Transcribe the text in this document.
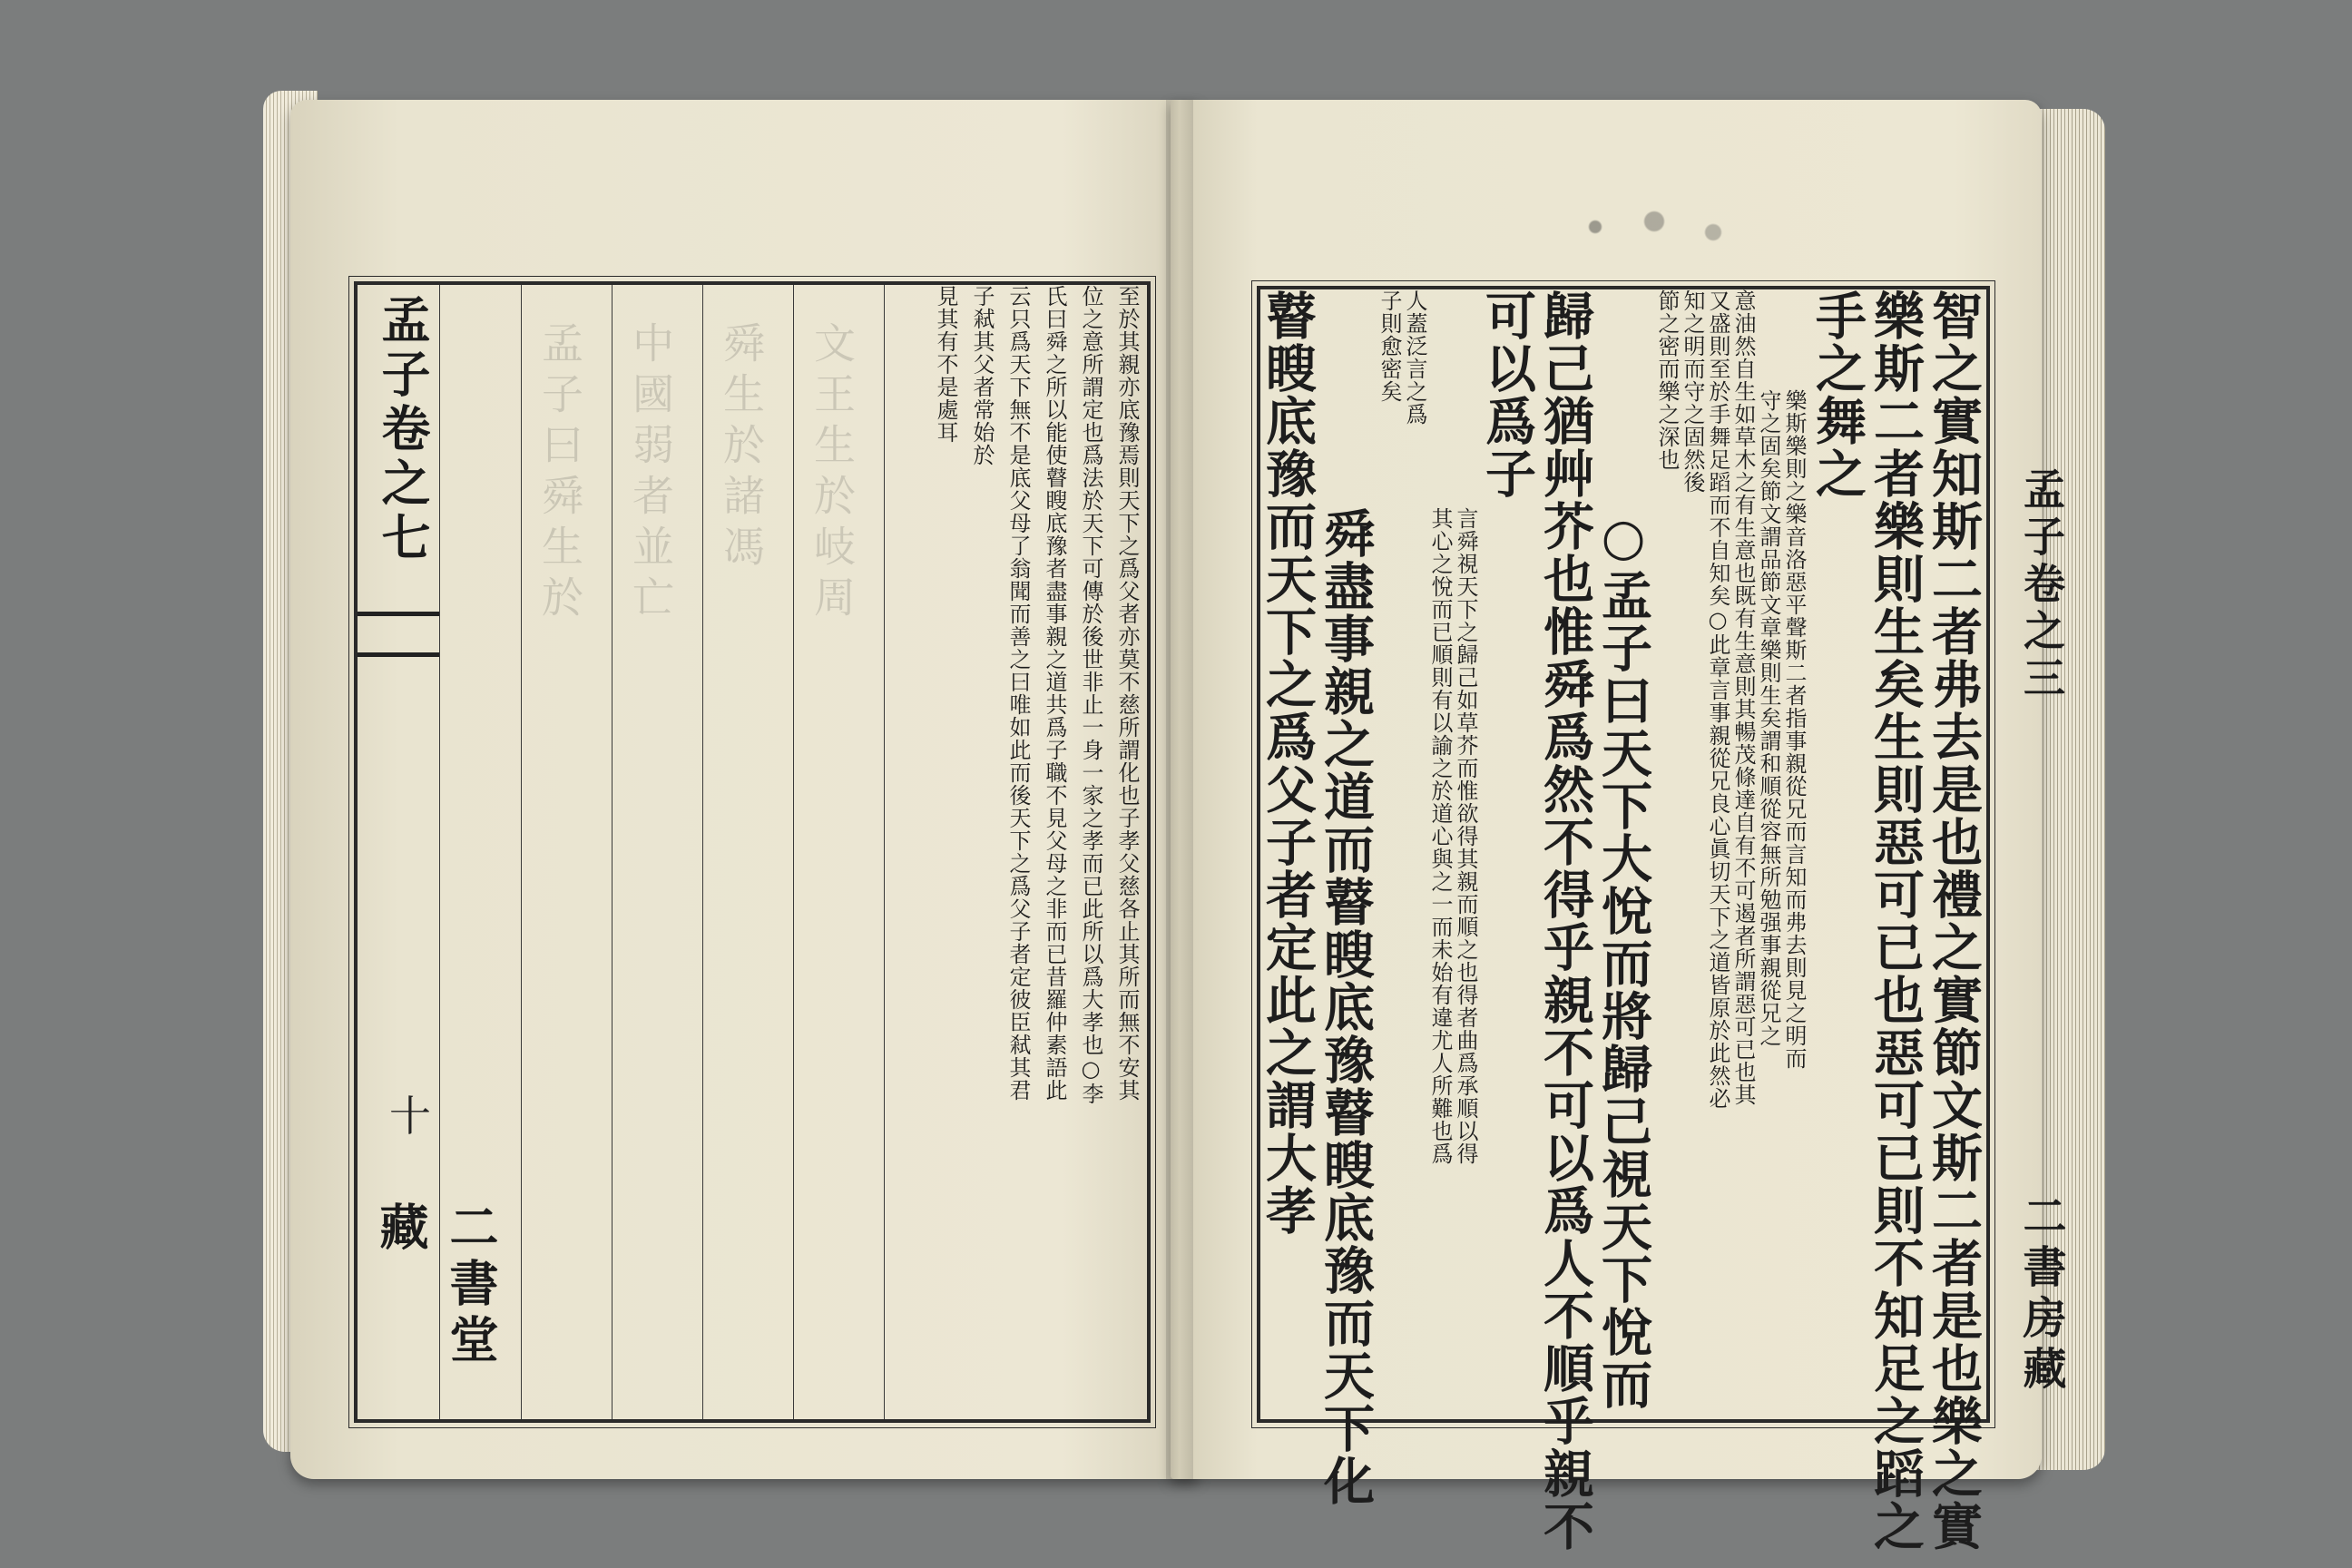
至於其親亦底豫焉則天下之爲父者亦莫不慈所謂化也子孝父慈各止其所而無不安其
位之意所謂定也爲法於天下可傳於後世非止一身一家之孝而已此所以爲大孝也○李
氏曰舜之所以能使瞽瞍底豫者盡事親之道共爲子職不見父母之非而已昔羅仲素語此
云只爲天下無不是底父母了翁聞而善之曰唯如此而後天下之爲父子者定彼臣弒其君
子弒其父者常始於
見其有不是處耳
中國弱者並亡 舜生於諸馮 文王生於岐周
孟子曰舜生於
孟子卷之七
十
二書堂藏	智之實知斯二者弗去是也禮之實節文斯二者是也樂之實
樂斯二者樂則生矣生則惡可已也惡可已則不知足之蹈之
手之舞之
樂斯樂則之樂音洛惡平聲斯二者指事親從兄而言知而弗去則見之明而
守之固矣節文謂品節文章樂則生矣謂和順從容無所勉强事親從兄之
意油然自生如草木之有生意也既有生意則其暢茂條達自有不可遏者所謂惡可已也其
又盛則至於手舞足蹈而不自知矣○此章言事親從兄良心眞切天下之道皆原於此然必
知之明而守之固然後
節之密而樂之深也
○孟子曰天下大悅而將歸己視天下悅而
歸己猶艸芥也惟舜爲然不得乎親不可以爲人不順乎親不
可以爲子
言舜視天下之歸己如草芥而惟欲得其親而順之也得者曲爲承順以得
其心之悅而已順則有以諭之於道心與之一而未始有違尤人所難也爲
人蓋泛言之爲
子則愈密矣
舜盡事親之道而瞽瞍底豫瞽瞍底豫而天下化
瞽瞍底豫而天下之爲父子者定此之謂大孝	孟子卷之三
二書房藏
